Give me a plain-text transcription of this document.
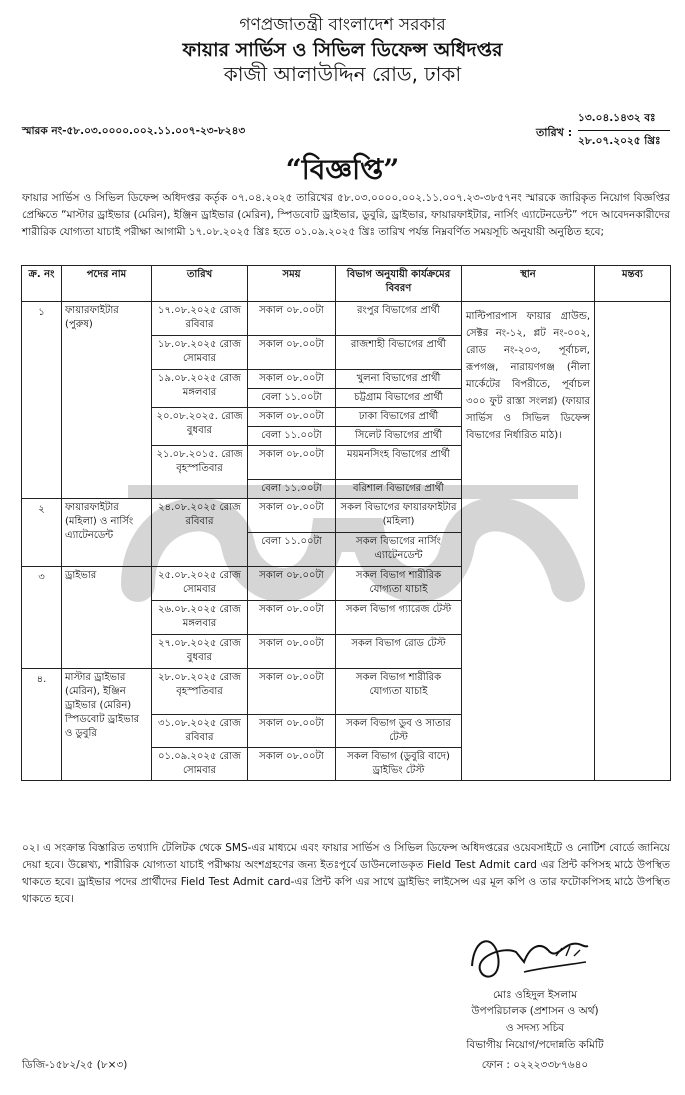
গণপ্রজাতন্ত্রী বাংলাদেশ সরকার
ফায়ার সার্ভিস ও সিভিল ডিফেন্স অধিদপ্তর
কাজী আলাউদ্দিন রোড, ঢাকা
স্মারক নং-৫৮.০৩.০০০০.০০২.১১.০০৭-২৩-৮২৪৩	তারিখ :
১৩.০৪.১৪৩২ বঃ
২৮.০৭.২০২৫ খ্রিঃ
“বিজ্ঞপ্তি”
ফায়ার সার্ভিস ও সিভিল ডিফেন্স অধিদপ্তর কর্তৃক ০৭.০৪.২০২৫ তারিখের ৫৮.০৩.০০০০.০০২.১১.০০৭.২৩-৩৮৫৭নং স্মারকে জারিকৃত নিয়োগ বিজ্ঞপ্তির প্রেক্ষিতে “মাস্টার ড্রাইভার (মেরিন), ইঞ্জিন ড্রাইভার (মেরিন), স্পিডবোট ড্রাইভার, ডুবুরি, ড্রাইভার, ফায়ারফাইটার, নার্সিং এ্যাটেনডেন্ট” পদে আবেদনকারীদের শারীরিক যোগ্যতা যাচাই পরীক্ষা আগামী ১৭.০৮.২০২৫ খ্রিঃ হতে ০১.০৯.২০২৫ খ্রিঃ তারিখ পর্যন্ত নিম্নবর্ণিত সময়সূচি অনুযায়ী অনুষ্ঠিত হবে;
ক্র. নং	পদের নাম	তারিখ	সময়	বিভাগ অনুযায়ী কার্যক্রমের বিবরণ	স্থান	মন্তব্য
১	ফায়ারফাইটার (পুরুষ)	১৭.০৮.২০২৫ রোজ রবিবার	সকাল ০৮.০০টা	রংপুর বিভাগের প্রার্থী	মাল্টিপারপাস ফায়ার গ্রাউন্ড, সেক্টর নং-১২, প্লট নং-০০২, রোড নং-২০৩, পূর্বাচল, রূপগঞ্জ, নারায়ণগঞ্জ (নীলা মার্কেটের বিপরীতে, পূর্বাচল ৩০০ ফুট রাস্তা সংলগ্ন) (ফায়ার সার্ভিস ও সিভিল ডিফেন্স বিভাগের নির্ধারিত মাঠ)।	
		১৮.০৮.২০২৫ রোজ সোমবার	সকাল ০৮.০০টা	রাজশাহী বিভাগের প্রার্থী		
		১৯.০৮.২০২৫ রোজ মঙ্গলবার	সকাল ০৮.০০টা	খুলনা বিভাগের প্রার্থী		
			বেলা ১১.০০টা	চট্টগ্রাম বিভাগের প্রার্থী		
		২০.০৮.২০২৫. রোজ বুধবার	সকাল ০৮.০০টা	ঢাকা বিভাগের প্রার্থী		
			বেলা ১১.০০টা	সিলেট বিভাগের প্রার্থী		
		২১.০৮.২০১৫. রোজ বৃহস্পতিবার	সকাল ০৮.০০টা	ময়মনসিংহ বিভাগের প্রার্থী		
			বেলা ১১.০০টা	বরিশাল বিভাগের প্রার্থী		
২	ফায়ারফাইটার (মহিলা) ও নার্সিং এ্যাটেনডেন্ট	২৪.০৮.২০২৫ রোজ রবিবার	সকাল ০৮.০০টা	সকল বিভাগের ফায়ারফাইটার (মহিলা)		
			বেলা ১১.০০টা	সকল বিভাগের নার্সিং এ্যাটেনডেন্ট		
৩	ড্রাইভার	২৫.০৮.২০২৫ রোজ সোমবার	সকাল ০৮.০০টা	সকল বিভাগ শারীরিক যোগ্যতা যাচাই		
		২৬.০৮.২০২৫ রোজ মঙ্গলবার	সকাল ০৮.০০টা	সকল বিভাগ গ্যারেজ টেস্ট		
		২৭.০৮.২০২৫ রোজ বুধবার	সকাল ০৮.০০টা	সকল বিভাগ রোড টেস্ট		
৪.	মাস্টার ড্রাইভার (মেরিন), ইঞ্জিন ড্রাইভার (মেরিন) স্পিডবোট ড্রাইভার ও ডুবুরি	২৮.০৮.২০২৫ রোজ বৃহস্পতিবার	সকাল ০৮.০০টা	সকল বিভাগ শারীরিক যোগ্যতা যাচাই		
		৩১.০৮.২০২৫ রোজ রবিবার	সকাল ০৮.০০টা	সকল বিভাগ ডুব ও সাতার টেস্ট		
		০১.০৯.২০২৫ রোজ সোমবার	সকাল ০৮.০০টা	সকল বিভাগ (ডুবুরি বাদে) ড্রাইভিং টেস্ট		
০২। এ সংক্রান্ত বিস্তারিত তথ্যাদি টেলিটক থেকে SMS-এর মাধ্যমে এবং ফায়ার সার্ভিস ও সিভিল ডিফেন্স অধিদপ্তরের ওয়েবসাইটে ও নোটিশ বোর্ডে জানিয়ে দেয়া হবে। উল্লেখ্য, শারীরিক যোগ্যতা যাচাই পরীক্ষায় অংশগ্রহণের জন্য ইতঃপূর্বে ডাউনলোডকৃত Field Test Admit card এর প্রিন্ট কপিসহ মাঠে উপস্থিত থাকতে হবে। ড্রাইভার পদের প্রার্থীদের Field Test Admit card-এর প্রিন্ট কপি এর সাথে ড্রাইভিং লাইসেন্স এর মূল কপি ও তার ফটোকপিসহ মাঠে উপস্থিত থাকতে হবে।
মোঃ ওহিদুল ইসলাম
উপপরিচালক (প্রশাসন ও অর্থ)
ও সদস্য সচিব
বিভাগীয় নিয়োগ/পদোন্নতি কমিটি
ফোন : ০২২২৩৩৮৭৬৪০
ডিজি-১৫৮২/২৫ (৮×৩)
